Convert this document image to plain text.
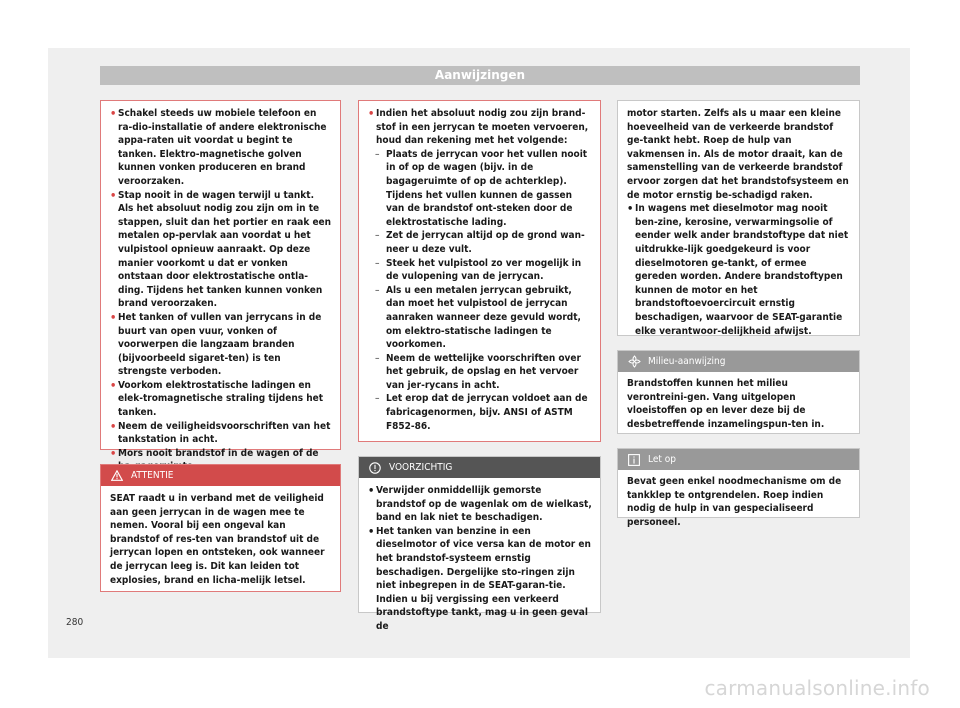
Aanwijzingen
• Schakel steeds uw mobiele telefoon en ra-dio-installatie of andere elektronische appa-raten uit voordat u begint te tanken. Elektro-magnetische golven kunnen vonken produceren en brand veroorzaken.
• Stap nooit in de wagen terwijl u tankt. Als het absoluut nodig zou zijn om in te stappen, sluit dan het portier en raak een metalen op-pervlak aan voordat u het vulpistool opnieuw aanraakt. Op deze manier voorkomt u dat er vonken ontstaan door elektrostatische ontla-ding. Tijdens het tanken kunnen vonken brand veroorzaken.
• Het tanken of vullen van jerrycans in de buurt van open vuur, vonken of voorwerpen die langzaam branden (bijvoorbeeld sigaret-ten) is ten strengste verboden.
• Voorkom elektrostatische ladingen en elek-tromagnetische straling tijdens het tanken.
• Neem de veiligheidsvoorschriften van het tankstation in acht.
• Mors nooit brandstof in de wagen of de
ATTENTIE
SEAT raadt u in verband met de veiligheid aan geen jerrycan in de wagen mee te nemen. Vooral bij een ongeval kan brandstof of res-ten van brandstof uit de jerrycan lopen en ontsteken, ook wanneer de jerrycan leeg is. Dit kan leiden tot explosies, brand en licha-melijk letsel.
• Indien het absoluut nodig zou zijn brand-stof in een jerrycan te moeten vervoeren, houd dan rekening met het volgende:
– Plaats de jerrycan voor het vullen nooit in of op de wagen (bijv. in de bagageruimte of op de achterklep). Tijdens het vullen kunnen de gassen van de brandstof ont-steken door de elektrostatische lading.
– Zet de jerrycan altijd op de grond wan-neer u deze vult.
– Steek het vulpistool zo ver mogelijk in de vulopening van de jerrycan.
– Als u een metalen jerrycan gebruikt, dan moet het vulpistool de jerrycan aanraken wanneer deze gevuld wordt, om elektro-statische ladingen te voorkomen.
– Neem de wettelijke voorschriften over het gebruik, de opslag en het vervoer van jer-rycans in acht.
– Let erop dat de jerrycan voldoet aan de fabricagenormen, bijv. ANSI of ASTM F852-86.
VOORZICHTIG
• Verwijder onmiddellijk gemorste brandstof op de wagenlak om de wielkast, band en lak niet te beschadigen.
• Het tanken van benzine in een dieselmotor of vice versa kan de motor en het brandstof-systeem ernstig beschadigen. Dergelijke sto-ringen zijn niet inbegrepen in de SEAT-garan-tie. Indien u bij vergissing een verkeerd brandstoftype tankt, mag u in geen geval de
motor starten. Zelfs als u maar een kleine hoeveelheid van de verkeerde brandstof ge-tankt hebt. Roep de hulp van vakmensen in. Als de motor draait, kan de samenstelling van de verkeerde brandstof ervoor zorgen dat het brandstofsysteem en de motor ernstig be-schadigd raken.
• In wagens met dieselmotor mag nooit ben-zine, kerosine, verwarmingsolie of eender welk ander brandstoftype dat niet uitdrukke-lijk goedgekeurd is voor dieselmotoren ge-tankt, of ermee gereden worden. Andere brandstoftypen kunnen de motor en het brandstoftoevoercircuit ernstig beschadigen, waarvoor de SEAT-garantie elke verantwoor-delijkheid afwijst.
Milieu-aanwijzing
Brandstoffen kunnen het milieu verontreini-gen. Vang uitgelopen vloeistoffen op en lever deze bij de desbetreffende inzamelingspun-ten in.
Let op
Bevat geen enkel noodmechanisme om de tankklep te ontgrendelen. Roep indien nodig de hulp in van gespecialiseerd personeel.
280
carmanualsonline.info
